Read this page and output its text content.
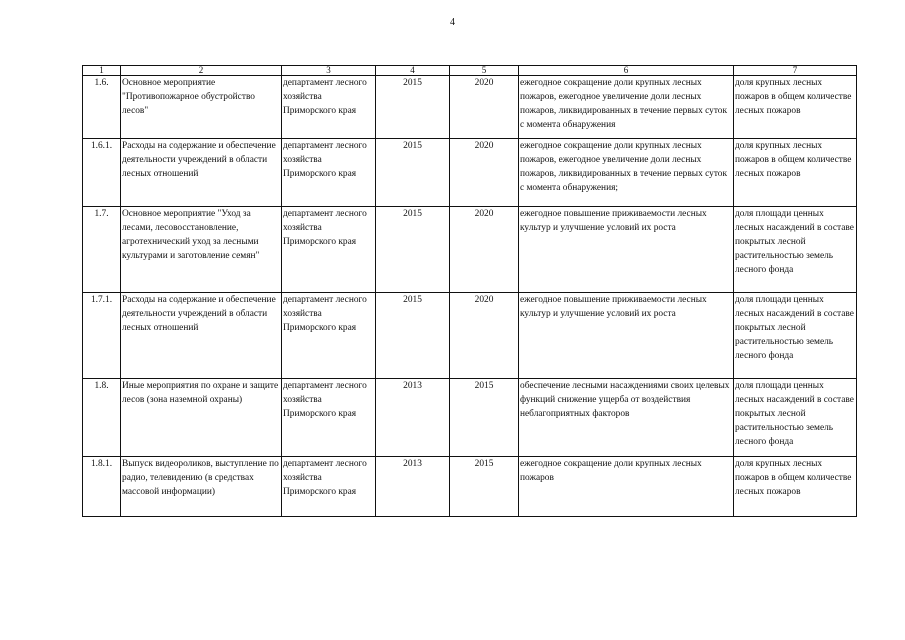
4
1	2	3	4	5	6	7
1.6.	Основное мероприятие "Противопожарное обустройство лесов"	департамент лесного хозяйства Приморского края	2015	2020	ежегодное сокращение доли крупных лесных пожаров, ежегодное увеличение доли лесных пожаров, ликвидированных в течение первых суток с момента обнаружения	доля крупных лесных пожаров в общем количестве лесных пожаров
1.6.1.	Расходы на содержание и обеспечение деятельности учреждений в области лесных отношений	департамент лесного хозяйства Приморского края	2015	2020	ежегодное сокращение доли крупных лесных пожаров, ежегодное увеличение доли лесных пожаров, ликвидированных в течение первых суток с момента обнаружения;	доля крупных лесных пожаров в общем количестве лесных пожаров
1.7.	Основное мероприятие "Уход за лесами, лесовосстановление, агротехнический уход за лесными культурами и заготовление семян"	департамент лесного хозяйства Приморского края	2015	2020	ежегодное повышение приживаемости лесных культур и улучшение условий их роста	доля площади ценных лесных насаждений в составе покрытых лесной растительностью земель лесного фонда
1.7.1.	Расходы на содержание и обеспечение деятельности учреждений в области лесных отношений	департамент лесного хозяйства Приморского края	2015	2020	ежегодное повышение приживаемости лесных культур и улучшение условий их роста	доля площади ценных лесных насаждений в составе покрытых лесной растительностью земель лесного фонда
1.8.	Иные мероприятия по охране и защите лесов (зона наземной охраны)	департамент лесного хозяйства Приморского края	2013	2015	обеспечение лесными насаждениями своих целевых функций снижение ущерба от воздействия неблагоприятных факторов	доля площади ценных лесных насаждений в составе покрытых лесной растительностью земель лесного фонда
1.8.1.	Выпуск видеороликов, выступление по радио, телевидению (в средствах массовой информации)	департамент лесного хозяйства Приморского края	2013	2015	ежегодное сокращение доли крупных лесных пожаров	доля крупных лесных пожаров в общем количестве лесных пожаров
